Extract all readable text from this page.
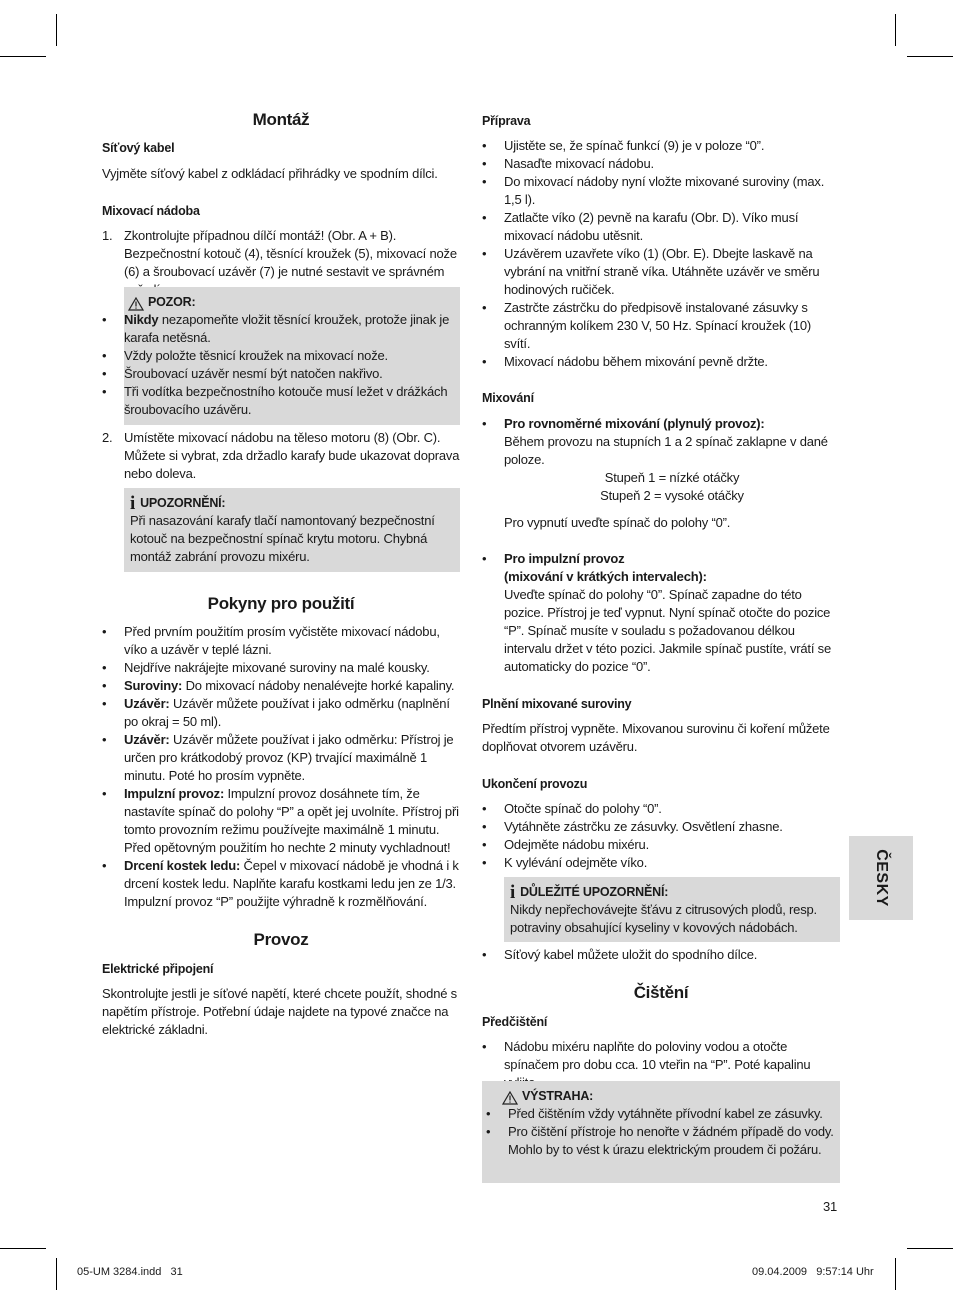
Montáž
Síťový kabel
Vyjměte síťový kabel z odkládací přihrádky ve spodním dílci.
Mixovací nádoba
1. Zkontrolujte případnou dílčí montáž! (Obr. A + B). Bezpečnostní kotouč (4), těsnící kroužek (5), mixovací nože (6) a šroubovací uzávěr (7) je nutné sestavit ve správném
POZOR:
• Nikdy nezapomeňte vložit těsnící kroužek, protože jinak je karafa netěsná.
• Vždy položte těsnicí kroužek na mixovací nože.
• Šroubovací uzávěr nesmí být natočen nakřivo.
• Tři vodítka bezpečnostního kotouče musí ležet v drážkách šroubovacího uzávěru.
2. Umístěte mixovací nádobu na těleso motoru (8) (Obr. C). Můžete si vybrat, zda držadlo karafy bude ukazovat doprava nebo doleva.
i UPOZORNĚNÍ:
Při nasazování karafy tlačí namontovaný bezpečnostní kotouč na bezpečnostní spínač krytu motoru. Chybná montáž zabrání provozu mixéru.
Pokyny pro použití
• Před prvním použitím prosím vyčistěte mixovací nádobu, víko a uzávěr v teplé lázni.
• Nejdříve nakrájejte mixované suroviny na malé kousky.
• Suroviny: Do mixovací nádoby nenalévejte horké kapaliny.
• Uzávěr: Uzávěr můžete používat i jako odměrku (naplnění po okraj = 50 ml).
• Uzávěr: Uzávěr můžete používat i jako odměrku: Přístroj je určen pro krátkodobý provoz (KP) trvající maximálně 1 minutu. Poté ho prosím vypněte.
• Impulzní provoz: Impulzní provoz dosáhnete tím, že nastavíte spínač do polohy “P” a opět jej uvolníte. Přístroj při tomto provozním režimu používejte maximálně 1 minutu. Před opětovným použitím ho nechte 2 minuty vychladnout!
• Drcení kostek ledu: Čepel v mixovací nádobě je vhodná i k drcení kostek ledu. Naplňte karafu kostkami ledu jen ze 1/3. Impulzní provoz “P” použijte výhradně k rozmělňování.
Provoz
Elektrické připojení
Skontrolujte jestli je síťové napětí, které chcete použít, shodné s napětím přístroje. Potřební údaje najdete na typové značce na elektrické základni.
Příprava
• Ujistěte se, že spínač funkcí (9) je v poloze “0”.
• Nasaďte mixovací nádobu.
• Do mixovací nádoby nyní vložte mixované suroviny (max. 1,5 l).
• Zatlačte víko (2) pevně na karafu (Obr. D). Víko musí mixovací nádobu utěsnit.
• Uzávěrem uzavřete víko (1) (Obr. E). Dbejte laskavě na vybrání na vnitřní straně víka. Utáhněte uzávěr ve směru hodinových ručiček.
• Zastrčte zástrčku do předpisově instalované zásuvky s ochranným kolíkem 230 V, 50 Hz. Spínací kroužek (10) svítí.
• Mixovací nádobu během mixování pevně držte.
Mixování
• Pro rovnoměrné mixování (plynulý provoz):
Během provozu na stupních 1 a 2 spínač zaklapne v dané poloze.
Stupeň 1 = nízké otáčky
Stupeň 2 = vysoké otáčky
Pro vypnutí uveďte spínač do polohy “0”.
• Pro impulzní provoz
(mixování v krátkých intervalech):
Uveďte spínač do polohy “0”. Spínač zapadne do této pozice. Přístroj je teď vypnut. Nyní spínač otočte do pozice “P”. Spínač musíte v souladu s požadovanou délkou intervalu držet v této pozici. Jakmile spínač pustíte, vrátí se automaticky do pozice “0”.
Plnění mixované suroviny
Předtím přístroj vypněte. Mixovanou surovinu či koření můžete doplňovat otvorem uzávěru.
Ukončení provozu
• Otočte spínač do polohy “0”.
• Vytáhněte zástrčku ze zásuvky. Osvětlení zhasne.
• Odejměte nádobu mixéru.
• K vylévání odejměte víko.
i DŮLEŽITÉ UPOZORNĚNÍ:
Nikdy nepřechovávejte šťávu z citrusových plodů, resp. potraviny obsahující kyseliny v kovových nádobách.
• Síťový kabel můžete uložit do spodního dílce.
Čištění
Předčištění
• Nádobu mixéru naplňte do poloviny vodou a otočte spínačem pro dobu cca. 10 vteřin na “P”. Poté kapalinu
VÝSTRAHA:
• Před čištěním vždy vytáhněte přívodní kabel ze zásuvky.
• Pro čištění přístroje ho nenořte v žádném případě do vody. Mohlo by to vést k úrazu elektrickým proudem či požáru.
ČESKY
31
05-UM 3284.indd   31	09.04.2009   9:57:14 Uhr
